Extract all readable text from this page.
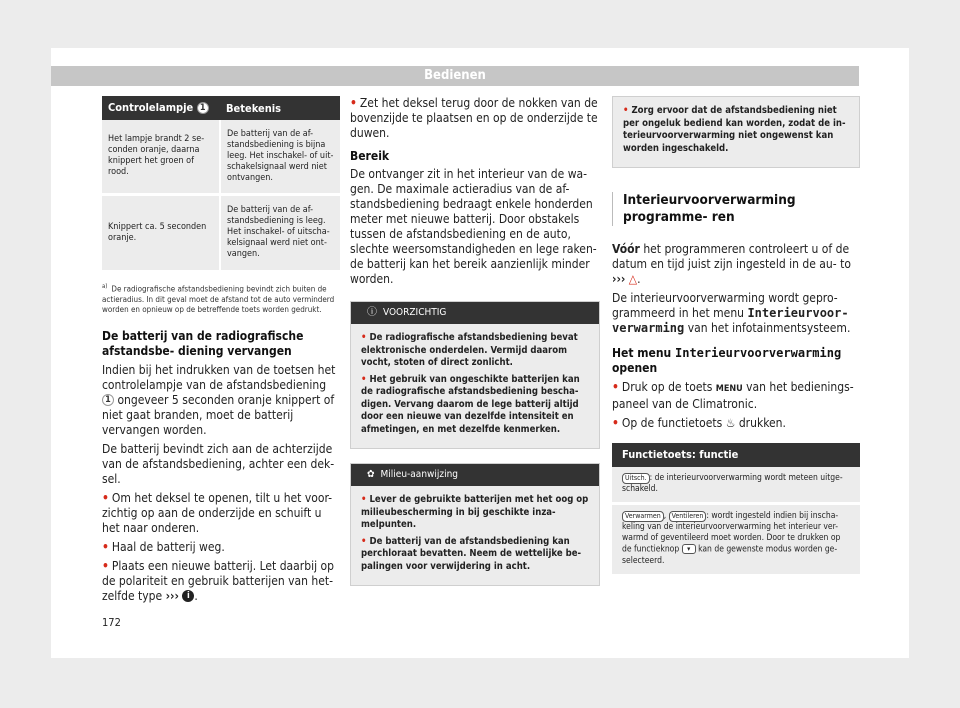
Bedienen
Controlelampje 1	Betekenis
Het lampje brandt 2 se- conden oranje, daarna knippert het groen of rood.	De batterij van de af- standsbediening is bijna leeg. Het inschakel- of uit- schakelsignaal werd niet ontvangen.
Knippert ca. 5 seconden oranje.	De batterij van de af- standsbediening is leeg. Het inschakel- of uitscha- kelsignaal werd niet ont- vangen.
$^{a)}$ De radiografische afstandsbediening bevindt zich buiten de actieradius. In dit geval moet de afstand tot de auto verminderd worden en opnieuw op de betreffende toets worden gedrukt.
De batterij van de radiografische afstandsbe- diening vervangen

Indien bij het indrukken van de toetsen het controlelampje van de afstandsbediening 1 ongeveer 5 seconden oranje knippert of niet gaat branden, moet de batterij vervangen worden.

De batterij bevindt zich aan de achterzijde van de afstandsbediening, achter een dek- sel.

• Om het deksel te openen, tilt u het voor- zichtig op aan de onderzijde en schuift u het naar onderen.

• Haal de batterij weg.

• Plaats een nieuwe batterij. Let daarbij op de polariteit en gebruik batterijen van het- zelfde type ››› i .

• Zet het deksel terug door de nokken van de bovenzijde te plaatsen en op de onderzijde te duwen.

Bereik

De ontvanger zit in het interieur van de wa- gen. De maximale actieradius van de af- standsbediening bedraagt enkele honderden meter met nieuwe batterij. Door obstakels tussen de afstandsbediening en de auto, slechte weersomstandigheden en lege raken- de batterij kan het bereik aanzienlijk minder worden.

ⓘ VOORZICHTIG

• De radiografische afstandsbediening bevat elektronische onderdelen. Vermijd daarom vocht, stoten of direct zonlicht.

• Het gebruik van ongeschikte batterijen kan de radiografische afstandsbediening bescha- digen. Vervang daarom de lege batterij altijd door een nieuwe van dezelfde intensiteit en afmetingen, en met dezelfde kenmerken.

✿ Milieu-aanwijzing

• Lever de gebruikte batterijen met het oog op milieubescherming in bij geschikte inza- melpunten.

• De batterij van de afstandsbediening kan perchloraat bevatten. Neem de wettelijke be- palingen voor verwijdering in acht.

• Zorg ervoor dat de afstandsbediening niet per ongeluk bediend kan worden, zodat de in- terieurvoorverwarming niet ongewenst kan worden ingeschakeld.

Interieurvoorverwarming programme- ren

Vóór het programmeren controleert u of de datum en tijd juist zijn ingesteld in de au- to ››› △.

De interieurvoorverwarming wordt gepro- grammeerd in het menu Interieurvoor- verwarming van het infotainmentsysteem.

Het menu Interieurvoorverwarming openen

• Druk op de toets MENU van het bedienings- paneel van de Climatronic.

• Op de functietoets ♨ drukken.

Functietoets: functie
Uitsch. : de interieurvoorverwarming wordt meteen uitge- schakeld.
Verwarmen , Ventileren : wordt ingesteld indien bij inscha- keling van de interieurvoorverwarming het interieur ver- warmd of geventileerd moet worden. Door te drukken op de functieknop ▾ kan de gewenste modus worden ge- selecteerd.
172
